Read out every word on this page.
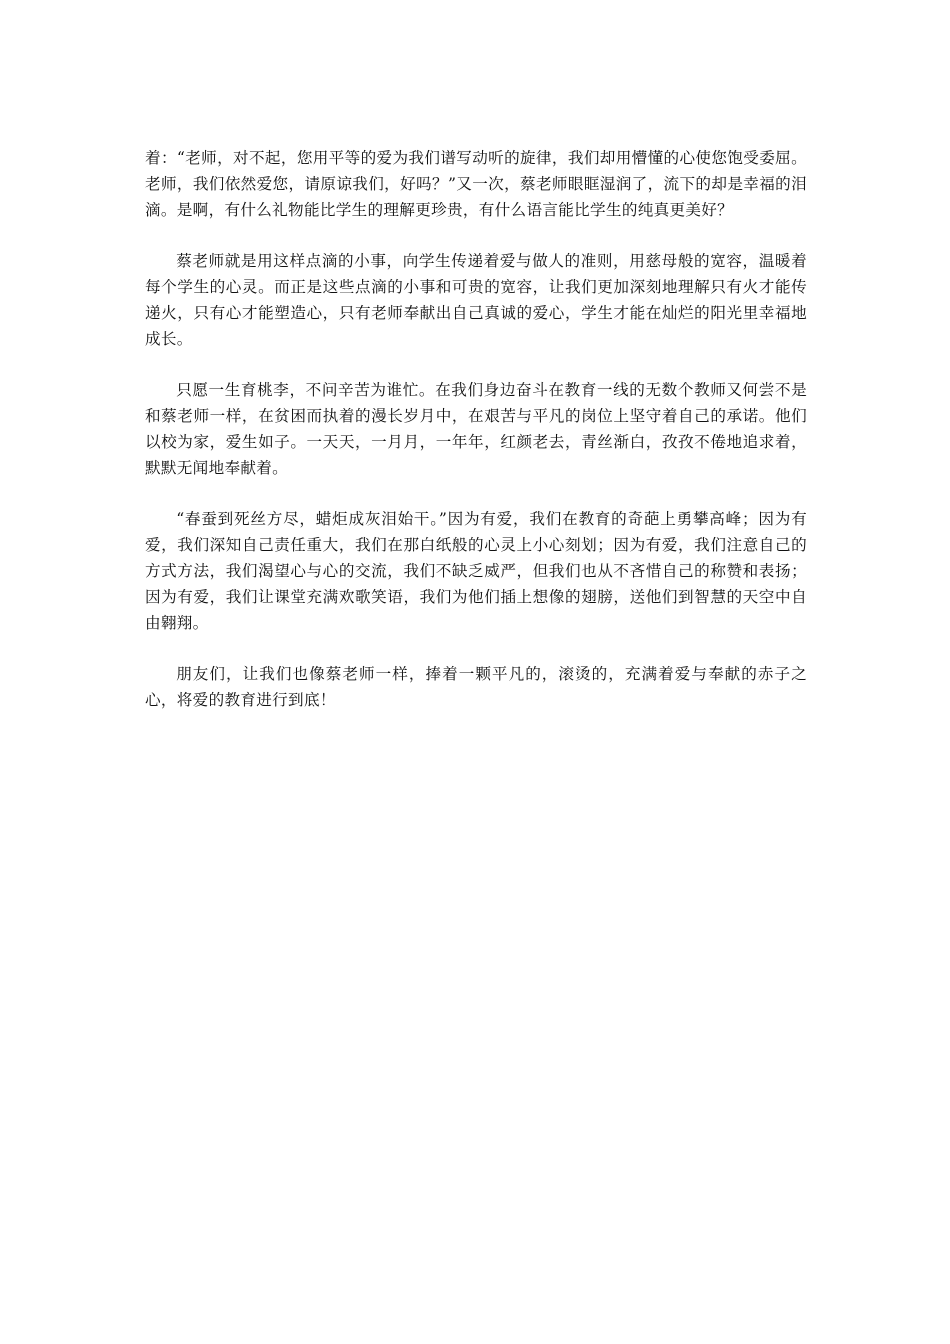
着：“老师，对不起，您用平等的爱为我们谱写动听的旋律，我们却用懵懂的心使您饱受委屈。老师，我们依然爱您，请原谅我们，好吗？”又一次，蔡老师眼眶湿润了，流下的却是幸福的泪滴。是啊，有什么礼物能比学生的理解更珍贵，有什么语言能比学生的纯真更美好？

蔡老师就是用这样点滴的小事，向学生传递着爱与做人的准则，用慈母般的宽容，温暖着每个学生的心灵。而正是这些点滴的小事和可贵的宽容，让我们更加深刻地理解只有火才能传递火，只有心才能塑造心，只有老师奉献出自己真诚的爱心，学生才能在灿烂的阳光里幸福地成长。

只愿一生育桃李，不问辛苦为谁忙。在我们身边奋斗在教育一线的无数个教师又何尝不是和蔡老师一样，在贫困而执着的漫长岁月中，在艰苦与平凡的岗位上坚守着自己的承诺。他们以校为家，爱生如子。一天天，一月月，一年年，红颜老去，青丝渐白，孜孜不倦地追求着，默默无闻地奉献着。

“春蚕到死丝方尽，蜡炬成灰泪始干。”因为有爱，我们在教育的奇葩上勇攀高峰；因为有爱，我们深知自己责任重大，我们在那白纸般的心灵上小心刻划；因为有爱，我们注意自己的方式方法，我们渴望心与心的交流，我们不缺乏威严，但我们也从不吝惜自己的称赞和表扬；因为有爱，我们让课堂充满欢歌笑语，我们为他们插上想像的翅膀，送他们到智慧的天空中自由翱翔。

朋友们，让我们也像蔡老师一样，捧着一颗平凡的，滚烫的，充满着爱与奉献的赤子之心，将爱的教育进行到底！
